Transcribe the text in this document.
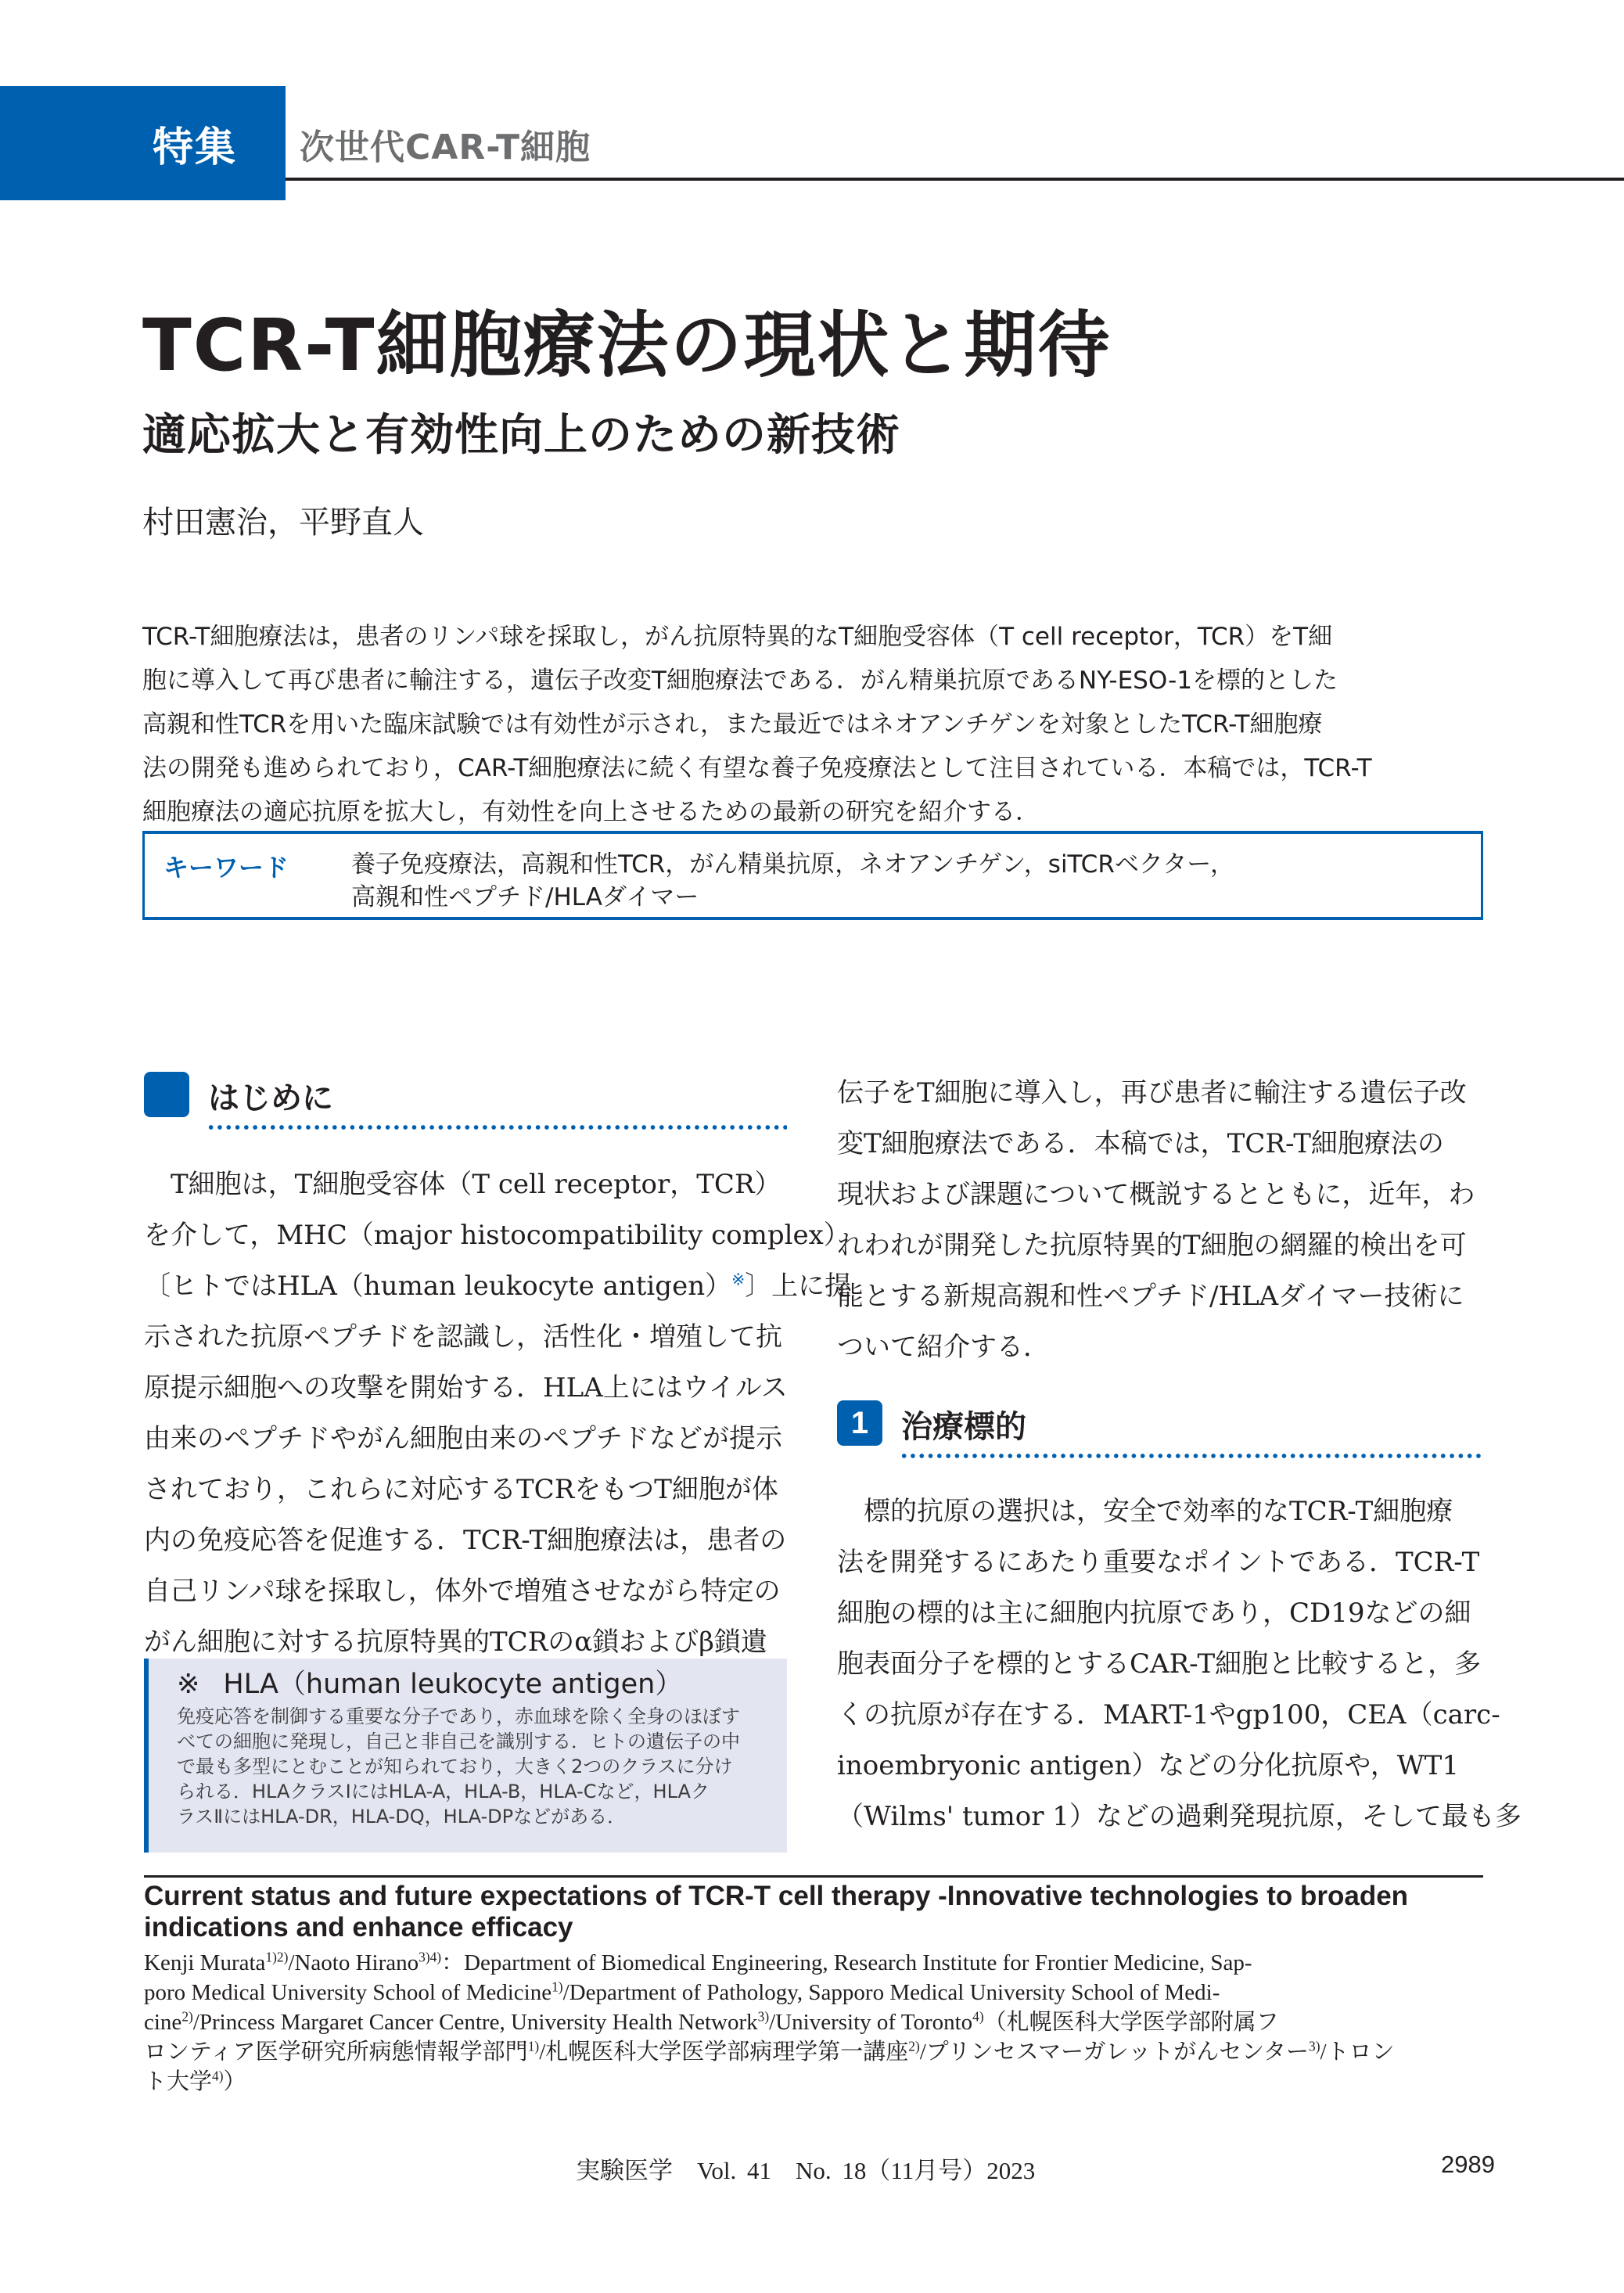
特集 次世代CAR-T細胞
TCR-T細胞療法の現状と期待
適応拡大と有効性向上のための新技術
村田憲治，平野直人

TCR-T細胞療法は，患者のリンパ球を採取し，がん抗原特異的なT細胞受容体（T cell receptor，TCR）をT細

胞に導入して再び患者に輸注する，遺伝子改変T細胞療法である．がん精巣抗原であるNY-ESO-1を標的とした

高親和性TCRを用いた臨床試験では有効性が示され，また最近ではネオアンチゲンを対象としたTCR-T細胞療

法の開発も進められており，CAR-T細胞療法に続く有望な養子免疫療法として注目されている．本稿では，TCR-T

細胞療法の適応抗原を拡大し，有効性を向上させるための最新の研究を紹介する．

キーワード	養子免疫療法，高親和性TCR，がん精巣抗原，ネオアンチゲン，siTCRベクター，
高親和性ペプチド/HLAダイマー
はじめに

　T細胞は，T細胞受容体（T cell receptor，TCR）

を介して，MHC（major histocompatibility complex）

〔ヒトではHLA（human leukocyte antigen）※〕上に提

示された抗原ペプチドを認識し，活性化・増殖して抗

原提示細胞への攻撃を開始する．HLA上にはウイルス

由来のペプチドやがん細胞由来のペプチドなどが提示

されており，これらに対応するTCRをもつT細胞が体

内の免疫応答を促進する．TCR-T細胞療法は，患者の

自己リンパ球を採取し，体外で増殖させながら特定の

がん細胞に対する抗原特異的TCRのα鎖およびβ鎖遺

※ HLA（human leukocyte antigen）

免疫応答を制御する重要な分子であり，赤血球を除く全身のほぼす

べての細胞に発現し，自己と非自己を識別する．ヒトの遺伝子の中

で最も多型にとむことが知られており，大きく2つのクラスに分け

られる．HLAクラスⅠにはHLA-A，HLA-B，HLA-Cなど，HLAク

ラスⅡにはHLA-DR，HLA-DQ，HLA-DPなどがある．

伝子をT細胞に導入し，再び患者に輸注する遺伝子改

変T細胞療法である．本稿では，TCR-T細胞療法の

現状および課題について概説するとともに，近年，わ

れわれが開発した抗原特異的T細胞の網羅的検出を可

能とする新規高親和性ペプチド/HLAダイマー技術に

ついて紹介する．

1	治療標的

　標的抗原の選択は，安全で効率的なTCR-T細胞療

法を開発するにあたり重要なポイントである．TCR-T

細胞の標的は主に細胞内抗原であり，CD19などの細

胞表面分子を標的とするCAR-T細胞と比較すると，多

くの抗原が存在する．MART-1やgp100，CEA（carc-

inoembryonic antigen）などの分化抗原や，WT1

（Wilms' tumor 1）などの過剰発現抗原，そして最も多

Current status and future expectations of TCR-T cell therapy -Innovative technologies to broaden indications and enhance efficacy

Kenji Murata$^{1)2)}$/Naoto Hirano$^{3)4)}$：Department of Biomedical Engineering, Research Institute for Frontier Medicine, Sap-

poro Medical University School of Medicine$^{1)}$/Department of Pathology, Sapporo Medical University School of Medi-

cine$^{2)}$/Princess Margaret Cancer Centre, University Health Network$^{3)}$/University of Toronto$^{4)}$（札幌医科大学医学部附属フ

ロンティア医学研究所病態情報学部門$^{1)}$/札幌医科大学医学部病理学第一講座$^{2)}$/プリンセスマーガレットがんセンター$^{3)}$/トロン

ト大学$^{4)}$）

実験医学　Vol. 41　No. 18（11月号）2023	2989
